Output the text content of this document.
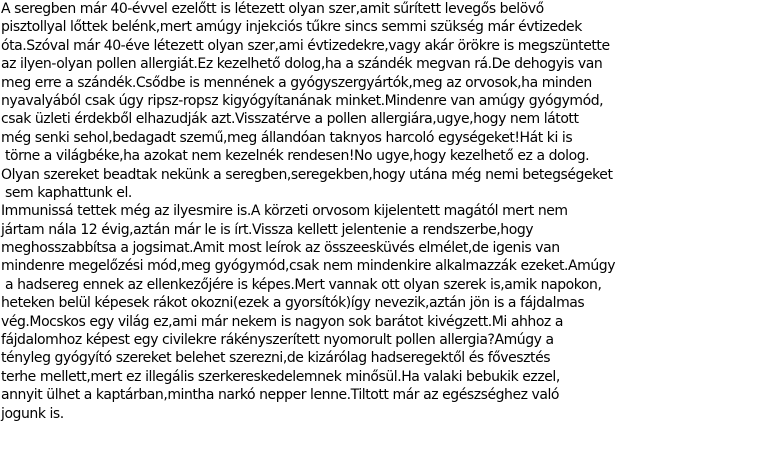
A seregben már 40-évvel ezelőtt is létezett olyan szer,amit sűrített levegős belövő
pisztollyal lőttek belénk,mert amúgy injekciós tűkre sincs semmi szükség már évtizedek
óta.Szóval már 40-éve létezett olyan szer,ami évtizedekre,vagy akár örökre is megszüntette
az ilyen-olyan pollen allergiát.Ez kezelhető dolog,ha a szándék megvan rá.De dehogyis van
meg erre a szándék.Csődbe is mennének a gyógyszergyártók,meg az orvosok,ha minden
nyavalyából csak úgy ripsz-ropsz kigyógyítanának minket.Mindenre van amúgy gyógymód,
csak üzleti érdekből elhazudják azt.Visszatérve a pollen allergiára,ugye,hogy nem látott
még senki sehol,bedagadt szemű,meg állandóan taknyos harcoló egységeket!Hát ki is
törne a világbéke,ha azokat nem kezelnék rendesen!No ugye,hogy kezelhető ez a dolog.
Olyan szereket beadtak nekünk a seregben,seregekben,hogy utána még nemi betegségeket
sem kaphattunk el.
Immunissá tettek még az ilyesmire is.A körzeti orvosom kijelentett magától mert nem
jártam nála 12 évig,aztán már le is írt.Vissza kellett jelentenie a rendszerbe,hogy
meghosszabbítsa a jogsimat.Amit most leírok az összeesküvés elmélet,de igenis van
mindenre megelőzési mód,meg gyógymód,csak nem mindenkire alkalmazzák ezeket.Amúgy
a hadsereg ennek az ellenkezőjére is képes.Mert vannak ott olyan szerek is,amik napokon,
heteken belül képesek rákot okozni(ezek a gyorsítók)így nevezik,aztán jön is a fájdalmas
vég.Mocskos egy világ ez,ami már nekem is nagyon sok barátot kivégzett.Mi ahhoz a
fájdalomhoz képest egy civilekre rákényszerített nyomorult pollen allergia?Amúgy a
tényleg gyógyító szereket belehet szerezni,de kizárólag hadseregektől és fővesztés
terhe mellett,mert ez illegális szerkereskedelemnek minősül.Ha valaki bebukik ezzel,
annyit ülhet a kaptárban,mintha narkó nepper lenne.Tiltott már az egészséghez való
jogunk is.
